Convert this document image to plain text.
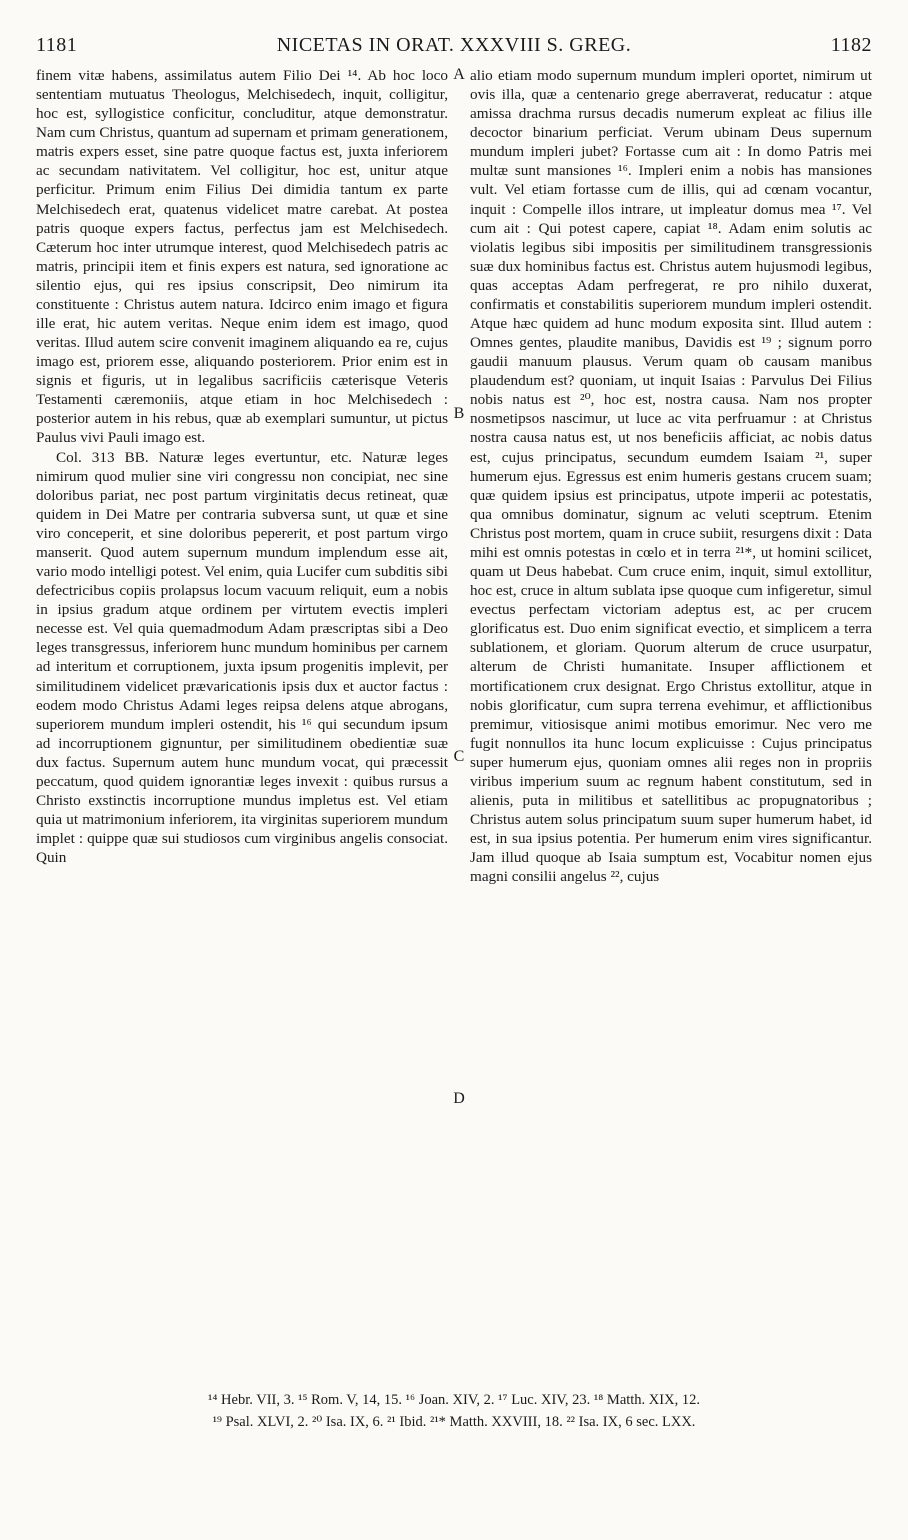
1181	NICETAS IN ORAT. XXXVIII S. GREG.	1182

finem vitæ habens, assimilatus autem Filio Dei ¹⁴. Ab hoc loco sententiam mutuatus Theologus, Melchisedech, inquit, colligitur, hoc est, syllogistice conficitur, concluditur, atque demonstratur. Nam cum Christus, quantum ad supernam et primam generationem, matris expers esset, sine patre quoque factus est, juxta inferiorem ac secundam nativitatem. Vel colligitur, hoc est, unitur atque perficitur. Primum enim Filius Dei dimidia tantum ex parte Melchisedech erat, quatenus videlicet matre carebat. At postea patris quoque expers factus, perfectus jam est Melchisedech. Cæterum hoc inter utrumque interest, quod Melchisedech patris ac matris, principii item et finis expers est natura, sed ignoratione ac silentio ejus, qui res ipsius conscripsit, Deo nimirum ita constituente : Christus autem natura. Idcirco enim imago et figura ille erat, hic autem veritas. Neque enim idem est imago, quod veritas. Illud autem scire convenit imaginem aliquando ea re, cujus imago est, priorem esse, aliquando posteriorem. Prior enim est in signis et figuris, ut in legalibus sacrificiis cæterisque Veteris Testamenti cæremoniis, atque etiam in hoc Melchisedech : posterior autem in his rebus, quæ ab exemplari sumuntur, ut pictus Paulus vivi Pauli imago est.

Col. 313 BB. Naturæ leges evertuntur, etc. Naturæ leges nimirum quod mulier sine viri congressu non concipiat, nec sine doloribus pariat, nec post partum virginitatis decus retineat, quæ quidem in Dei Matre per contraria subversa sunt, ut quæ et sine viro conceperit, et sine doloribus pepererit, et post partum virgo manserit. Quod autem supernum mundum implendum esse ait, vario modo intelligi potest. Vel enim, quia Lucifer cum subditis sibi defectricibus copiis prolapsus locum vacuum reliquit, eum a nobis in ipsius gradum atque ordinem per virtutem evectis impleri necesse est. Vel quia quemadmodum Adam præscriptas sibi a Deo leges transgressus, inferiorem hunc mundum hominibus per carnem ad interitum et corruptionem, juxta ipsum progenitis implevit, per similitudinem videlicet prævaricationis ipsis dux et auctor factus : eodem modo Christus Adami leges reipsa delens atque abrogans, superiorem mundum impleri ostendit, his ¹⁶ qui secundum ipsum ad incorruptionem gignuntur, per similitudinem obedientiæ suæ dux factus. Supernum autem hunc mundum vocat, qui præcessit peccatum, quod quidem ignorantiæ leges invexit : quibus rursus a Christo exstinctis incorruptione mundus impletus est. Vel etiam quia ut matrimonium inferiorem, ita virginitas superiorem mundum implet : quippe quæ sui studiosos cum virginibus angelis consociat. Quin

A
B
C
D

alio etiam modo supernum mundum impleri oportet, nimirum ut ovis illa, quæ a centenario grege aberraverat, reducatur : atque amissa drachma rursus decadis numerum expleat ac filius ille decoctor binarium perficiat. Verum ubinam Deus supernum mundum impleri jubet? Fortasse cum ait : In domo Patris mei multæ sunt mansiones ¹⁶. Impleri enim a nobis has mansiones vult. Vel etiam fortasse cum de illis, qui ad cœnam vocantur, inquit : Compelle illos intrare, ut impleatur domus mea ¹⁷. Vel cum ait : Qui potest capere, capiat ¹⁸. Adam enim solutis ac violatis legibus sibi impositis per similitudinem transgressionis suæ dux hominibus factus est. Christus autem hujusmodi legibus, quas acceptas Adam perfregerat, re pro nihilo duxerat, confirmatis et constabilitis superiorem mundum impleri ostendit. Atque hæc quidem ad hunc modum exposita sint. Illud autem : Omnes gentes, plaudite manibus, Davidis est ¹⁹ ; signum porro gaudii manuum plausus. Verum quam ob causam manibus plaudendum est? quoniam, ut inquit Isaias : Parvulus Dei Filius nobis natus est ²⁰, hoc est, nostra causa. Nam nos propter nosmetipsos nascimur, ut luce ac vita perfruamur : at Christus nostra causa natus est, ut nos beneficiis afficiat, ac nobis datus est, cujus principatus, secundum eumdem Isaiam ²¹, super humerum ejus. Egressus est enim humeris gestans crucem suam; quæ quidem ipsius est principatus, utpote imperii ac potestatis, qua omnibus dominatur, signum ac veluti sceptrum. Etenim Christus post mortem, quam in cruce subiit, resurgens dixit : Data mihi est omnis potestas in cœlo et in terra ²¹*, ut homini scilicet, quam ut Deus habebat. Cum cruce enim, inquit, simul extollitur, hoc est, cruce in altum sublata ipse quoque cum infigeretur, simul evectus perfectam victoriam adeptus est, ac per crucem glorificatus est. Duo enim significat evectio, et simplicem a terra sublationem, et gloriam. Quorum alterum de cruce usurpatur, alterum de Christi humanitate. Insuper afflictionem et mortificationem crux designat. Ergo Christus extollitur, atque in nobis glorificatur, cum supra terrena evehimur, et afflictionibus premimur, vitiosisque animi motibus emorimur. Nec vero me fugit nonnullos ita hunc locum explicuisse : Cujus principatus super humerum ejus, quoniam omnes alii reges non in propriis viribus imperium suum ac regnum habent constitutum, sed in alienis, puta in militibus et satellitibus ac propugnatoribus ; Christus autem solus principatum suum super humerum habet, id est, in sua ipsius potentia. Per humerum enim vires significantur. Jam illud quoque ab Isaia sumptum est, Vocabitur nomen ejus magni consilii angelus ²², cujus

¹⁴ Hebr. VII, 3. ¹⁵ Rom. V, 14, 15. ¹⁶ Joan. XIV, 2. ¹⁷ Luc. XIV, 23. ¹⁸ Matth. XIX, 12.
¹⁹ Psal. XLVI, 2. ²⁰ Isa. IX, 6. ²¹ Ibid. ²¹* Matth. XXVIII, 18. ²² Isa. IX, 6 sec. LXX.
